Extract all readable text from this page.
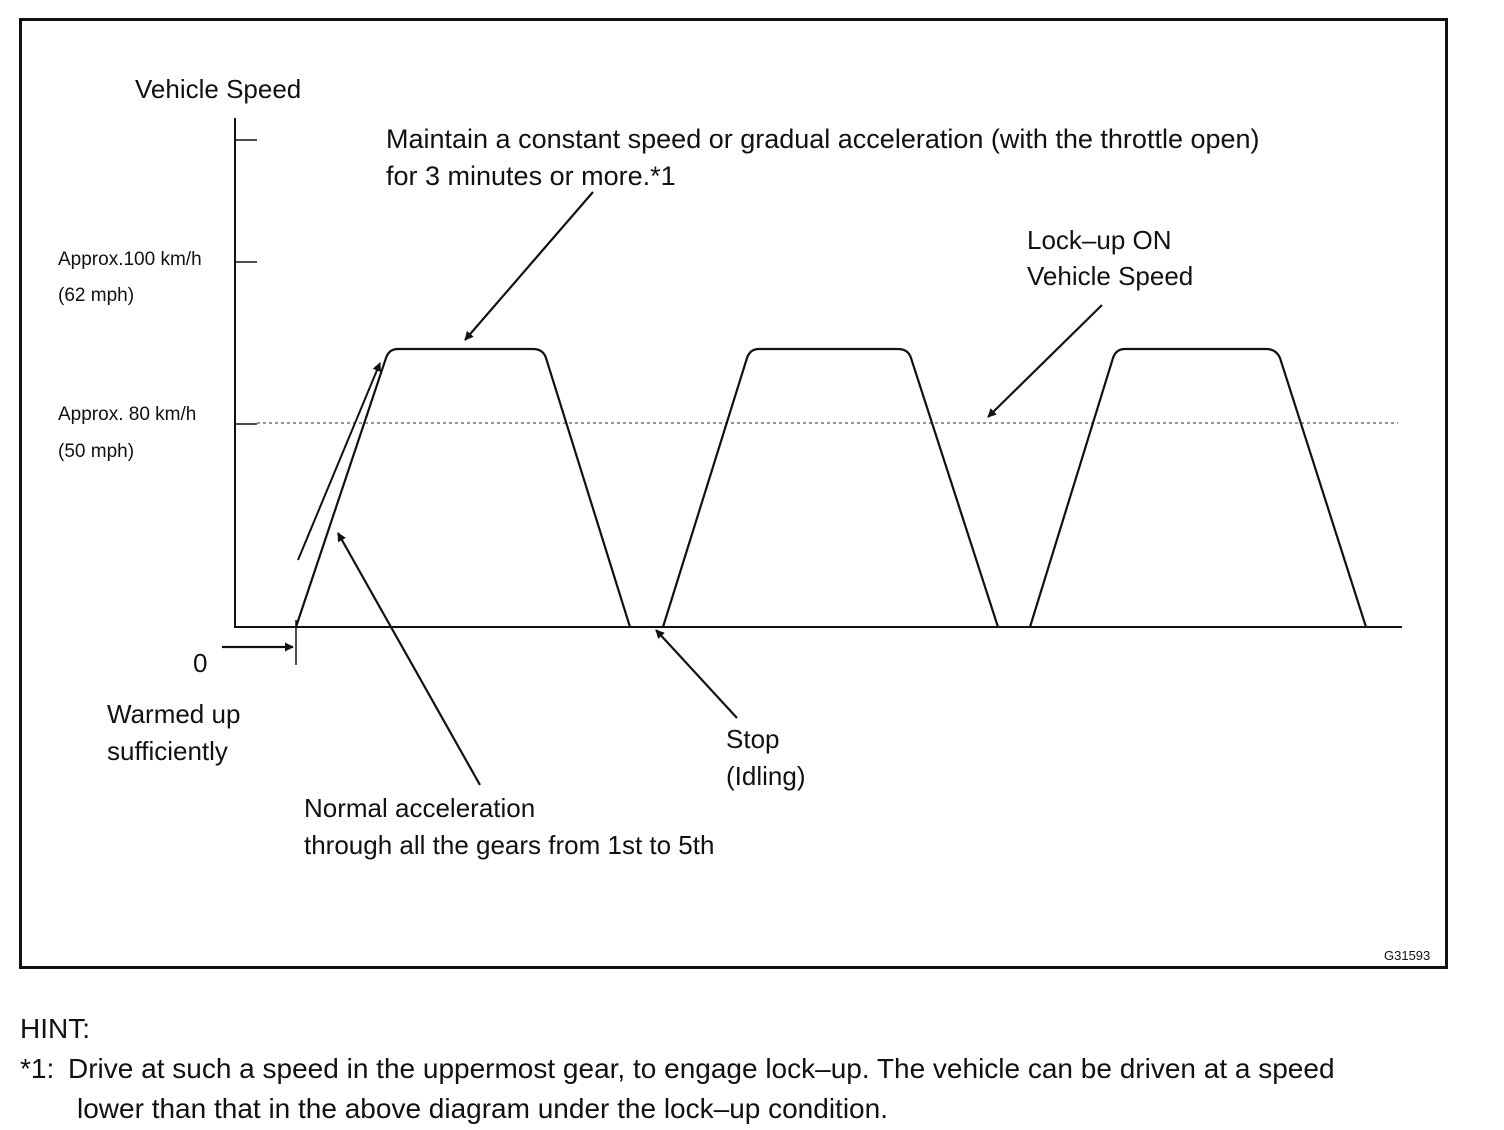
Vehicle Speed
Approx.100 km/h
(62 mph)
Approx. 80 km/h
(50 mph)
0
Maintain a constant speed or gradual acceleration (with the throttle open)
for 3 minutes or more.*1
Lock–up ON
Vehicle Speed
Warmed up
sufficiently	Stop
(Idling)
Normal acceleration
through all the gears from 1st to 5th
G31593
HINT:
*1: Drive at such a speed in the uppermost gear, to engage lock–up. The vehicle can be driven at a speed
lower than that in the above diagram under the lock–up condition.
